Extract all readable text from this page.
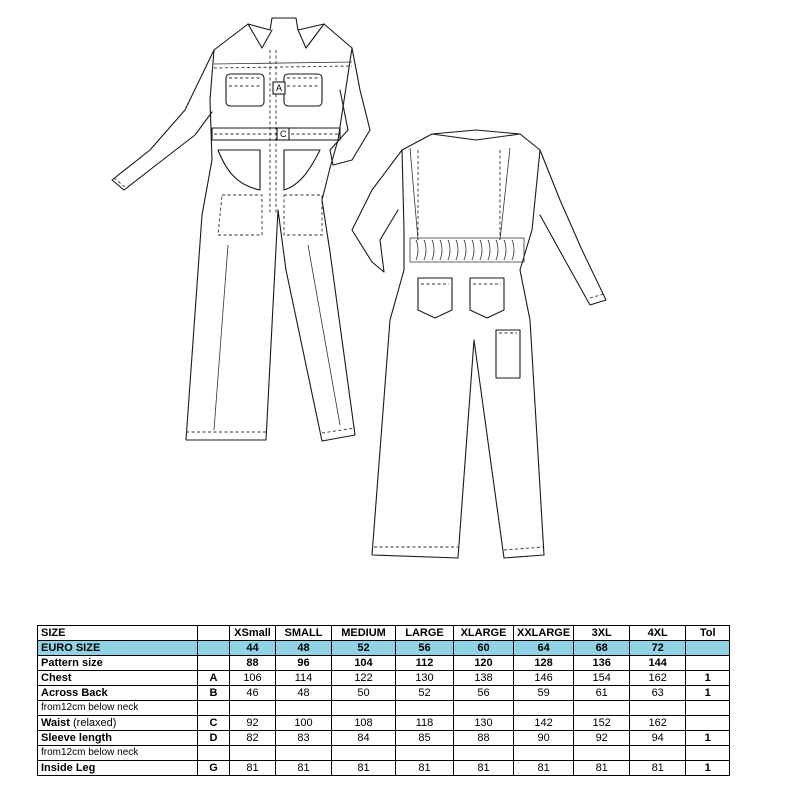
A
C
SIZE		XSmall	SMALL	MEDIUM	LARGE	XLARGE	XXLARGE	3XL	4XL	Tol
EURO SIZE		44	48	52	56	60	64	68	72	
Pattern size		88	96	104	112	120	128	136	144	
Chest	A	106	114	122	130	138	146	154	162	1
Across Back	B	46	48	50	52	56	59	61	63	1
from12cm below neck										
Waist (relaxed)	C	92	100	108	118	130	142	152	162	
Sleeve length	D	82	83	84	85	88	90	92	94	1
from12cm below neck										
Inside Leg	G	81	81	81	81	81	81	81	81	1
